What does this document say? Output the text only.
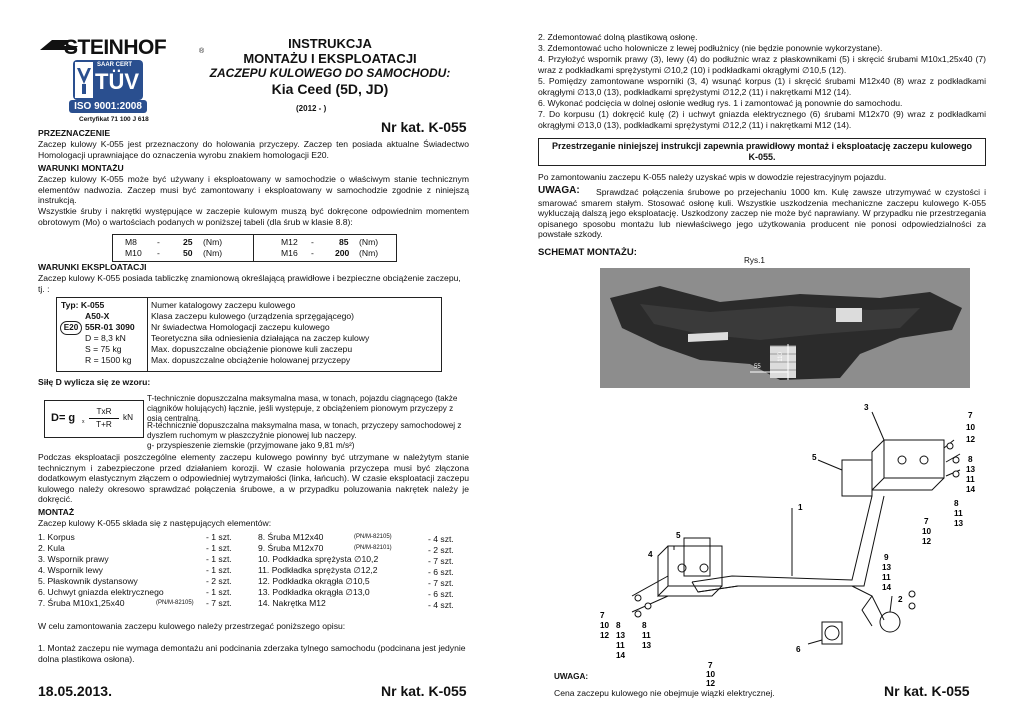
STEINHOF	®
SAAR CERT
TÜV
ISO 9001:2008
Certyfikat 71 100 J 618
INSTRUKCJA
MONTAŻU I EKSPLOATACJI
ZACZEPU KULOWEGO DO SAMOCHODU:
Kia Ceed (5D, JD)
(2012 - )
Nr kat. K-055
PRZEZNACZENIE
Zaczep kulowy K-055 jest przeznaczony do holowania przyczepy. Zaczep ten posiada aktualne Świadectwo Homologacji uprawniające do oznaczenia wyrobu znakiem homologacji E20.
WARUNKI MONTAŻU
Zaczep kulowy K-055 może być używany i eksploatowany w samochodzie o właściwym stanie technicznym elementów nadwozia. Zaczep musi być zamontowany i eksploatowany w samochodzie zgodnie z niniejszą instrukcją.
Wszystkie śruby i nakrętki występujące w zaczepie kulowym muszą być dokręcone odpowiednim momentem obrotowym (Mo) o wartościach podanych w poniższej tabeli (dla śrub w klasie 8.8):
M8 -	25 (Nm)
M10 -	50 (Nm)
M12 -	85 (Nm)
M16 - 200 (Nm)
WARUNKI EKSPLOATACJI
Zaczep kulowy K-055 posiada tabliczkę znamionową określającą prawidłowe i bezpieczne obciążenie zaczepu, tj. :
Typ: K-055	Numer katalogowy zaczepu kulowego
A50-X	Klasa zaczepu kulowego (urządzenia sprzęgającego)
E20 55R-01 3090 Nr świadectwa Homologacji zaczepu kulowego
D = 8,3 kN	Teoretyczna siła odniesienia działająca na zaczep kulowy
S = 75 kg	Max. dopuszczalne obciążenie pionowe kuli zaczepu
R = 1500 kg Max. dopuszczalne obciążenie holowanej przyczepy
Siłę D wylicza się ze wzoru:
D= g x
TxR
T+R
kN
T-technicznie dopuszczalna maksymalna masa, w tonach, pojazdu ciągnącego (także ciągników holujących) łącznie, jeśli występuje, z obciążeniem pionowym przyczepy z osią centralną.
R-technicznie dopuszczalna maksymalna masa, w tonach, przyczepy samochodowej z dyszlem ruchomym w płaszczyźnie pionowej lub naczepy.
g- przyspieszenie ziemskie (przyjmowane jako 9,81 m/s²)
Podczas eksploatacji poszczególne elementy zaczepu kulowego powinny być utrzymane w należytym stanie technicznym i zabezpieczone przed działaniem korozji. W czasie holowania przyczepa musi być złączona dodatkowym elastycznym złączem o odpowiedniej wytrzymałości (linka, łańcuch). W czasie eksploatacji zaczepu kulowego należy okresowo sprawdzać połączenia śrubowe, a w przypadku poluzowania nakrętek należy je dokręcić.
MONTAŻ
Zaczep kulowy K-055 składa się z następujących elementów:
1. Korpus	- 1 szt.
2. Kula	- 1 szt.
3. Wspornik prawy	- 1 szt.
4. Wspornik lewy	- 1 szt.
5. Płaskownik dystansowy	- 2 szt.
6. Uchwyt gniazda elektrycznego	- 1 szt.
7. Śruba M10x1,25x40	(PN/M-82105) - 7 szt.
8. Śruba M12x40	(PN/M-82105)	- 4 szt.
9. Śruba M12x70	(PN/M-82101)	- 2 szt.
10. Podkładka sprężysta ∅10,2	- 7 szt.
11. Podkładka sprężysta ∅12,2	- 6 szt.
12. Podkładka okrągła ∅10,5	- 7 szt.
13. Podkładka okrągła ∅13,0	- 6 szt.
14. Nakrętka M12	- 4 szt.
W celu zamontowania zaczepu kulowego należy przestrzegać poniższego opisu:
1. Montaż zaczepu nie wymaga demontażu ani podcinania zderzaka tylnego samochodu (podcinana jest jedynie dolna plastikowa osłona).
18.05.2013.	Nr kat. K-055
2. Zdemontować dolną plastikową osłonę.
3. Zdemontować ucho holownicze z lewej podłużnicy (nie będzie ponownie wykorzystane).
4. Przyłożyć wspornik prawy (3), lewy (4) do podłużnic wraz z płaskownikami (5) i skręcić śrubami M10x1,25x40 (7) wraz z podkładkami sprężystymi ∅10,2 (10) i podkładkami okrągłymi ∅10,5 (12).
5. Pomiędzy zamontowane wsporniki (3, 4) wsunąć korpus (1) i skręcić śrubami M12x40 (8) wraz z podkładkami okrągłymi ∅13,0 (13), podkładkami sprężystymi ∅12,2 (11) i nakrętkami M12 (14).
6. Wykonać podcięcia w dolnej osłonie według rys. 1 i zamontować ją ponownie do samochodu.
7. Do korpusu (1) dokręcić kulę (2) i uchwyt gniazda elektrycznego (6) śrubami M12x70 (9) wraz z podkładkami okrągłymi ∅13,0 (13), podkładkami sprężystymi ∅12,2 (11) i nakrętkami M12 (14).
Przestrzeganie niniejszej instrukcji zapewnia prawidłowy montaż i eksploatację zaczepu kulowego K-055.
Po zamontowaniu zaczepu K-055 należy uzyskać wpis w dowodzie rejestracyjnym pojazdu.
UWAGA:	Sprawdzać połączenia śrubowe po przejechaniu 1000 km. Kulę zawsze utrzymywać w czystości i smarować smarem stałym. Stosować osłonę kuli. Wszystkie uszkodzenia mechaniczne zaczepu kulowego K-055 wykluczają dalszą jego eksploatację. Uszkodzony zaczep nie może być naprawiany. W przypadku nie przestrzegania opisanego sposobu montażu lub niewłaściwego jego użytkowania producent nie ponosi odpowiedzialności za powstałe szkody.
SCHEMAT MONTAŻU:
Rys.1
55
110
3
5
1
4
5
2
6
7
10
12
8
13
11
14
8
11
13
7
10
12
9
13
11
14
7
10
12
8
13
11
14
8
11
13
7
10
12
UWAGA:
Cena zaczepu kulowego nie obejmuje wiązki elektrycznej.	Nr kat. K-055
